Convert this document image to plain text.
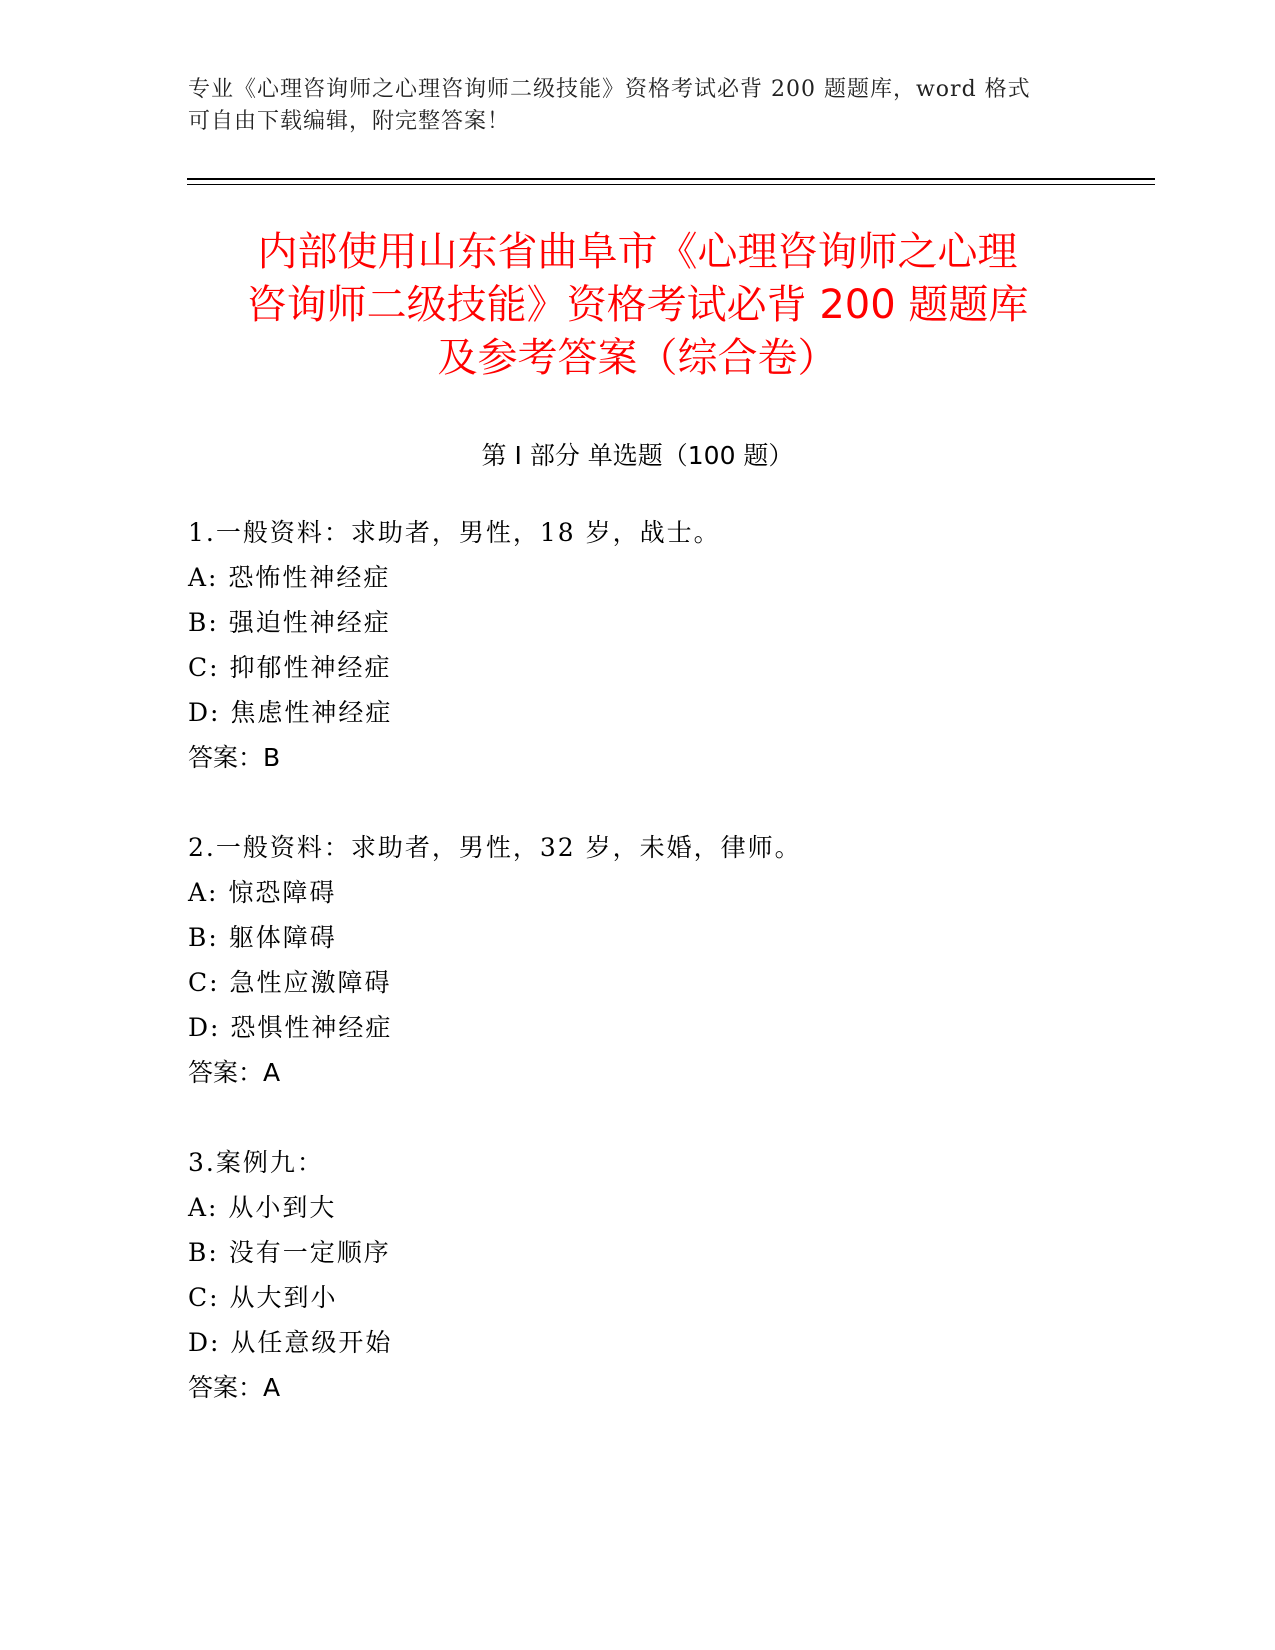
专业《心理咨询师之心理咨询师二级技能》资格考试必背 200 题题库，word 格式
可自由下载编辑，附完整答案！
内部使用山东省曲阜市《心理咨询师之心理
咨询师二级技能》资格考试必背 200 题题库
及参考答案（综合卷）
第 I 部分 单选题（100 题）
1.一般资料：求助者，男性，18 岁，战士。
A: 恐怖性神经症
B: 强迫性神经症
C: 抑郁性神经症
D: 焦虑性神经症
答案：B
2.一般资料：求助者，男性，32 岁，未婚，律师。
A: 惊恐障碍
B: 躯体障碍
C: 急性应激障碍
D: 恐惧性神经症
答案：A
3.案例九：
A: 从小到大
B: 没有一定顺序
C: 从大到小
D: 从任意级开始
答案：A
